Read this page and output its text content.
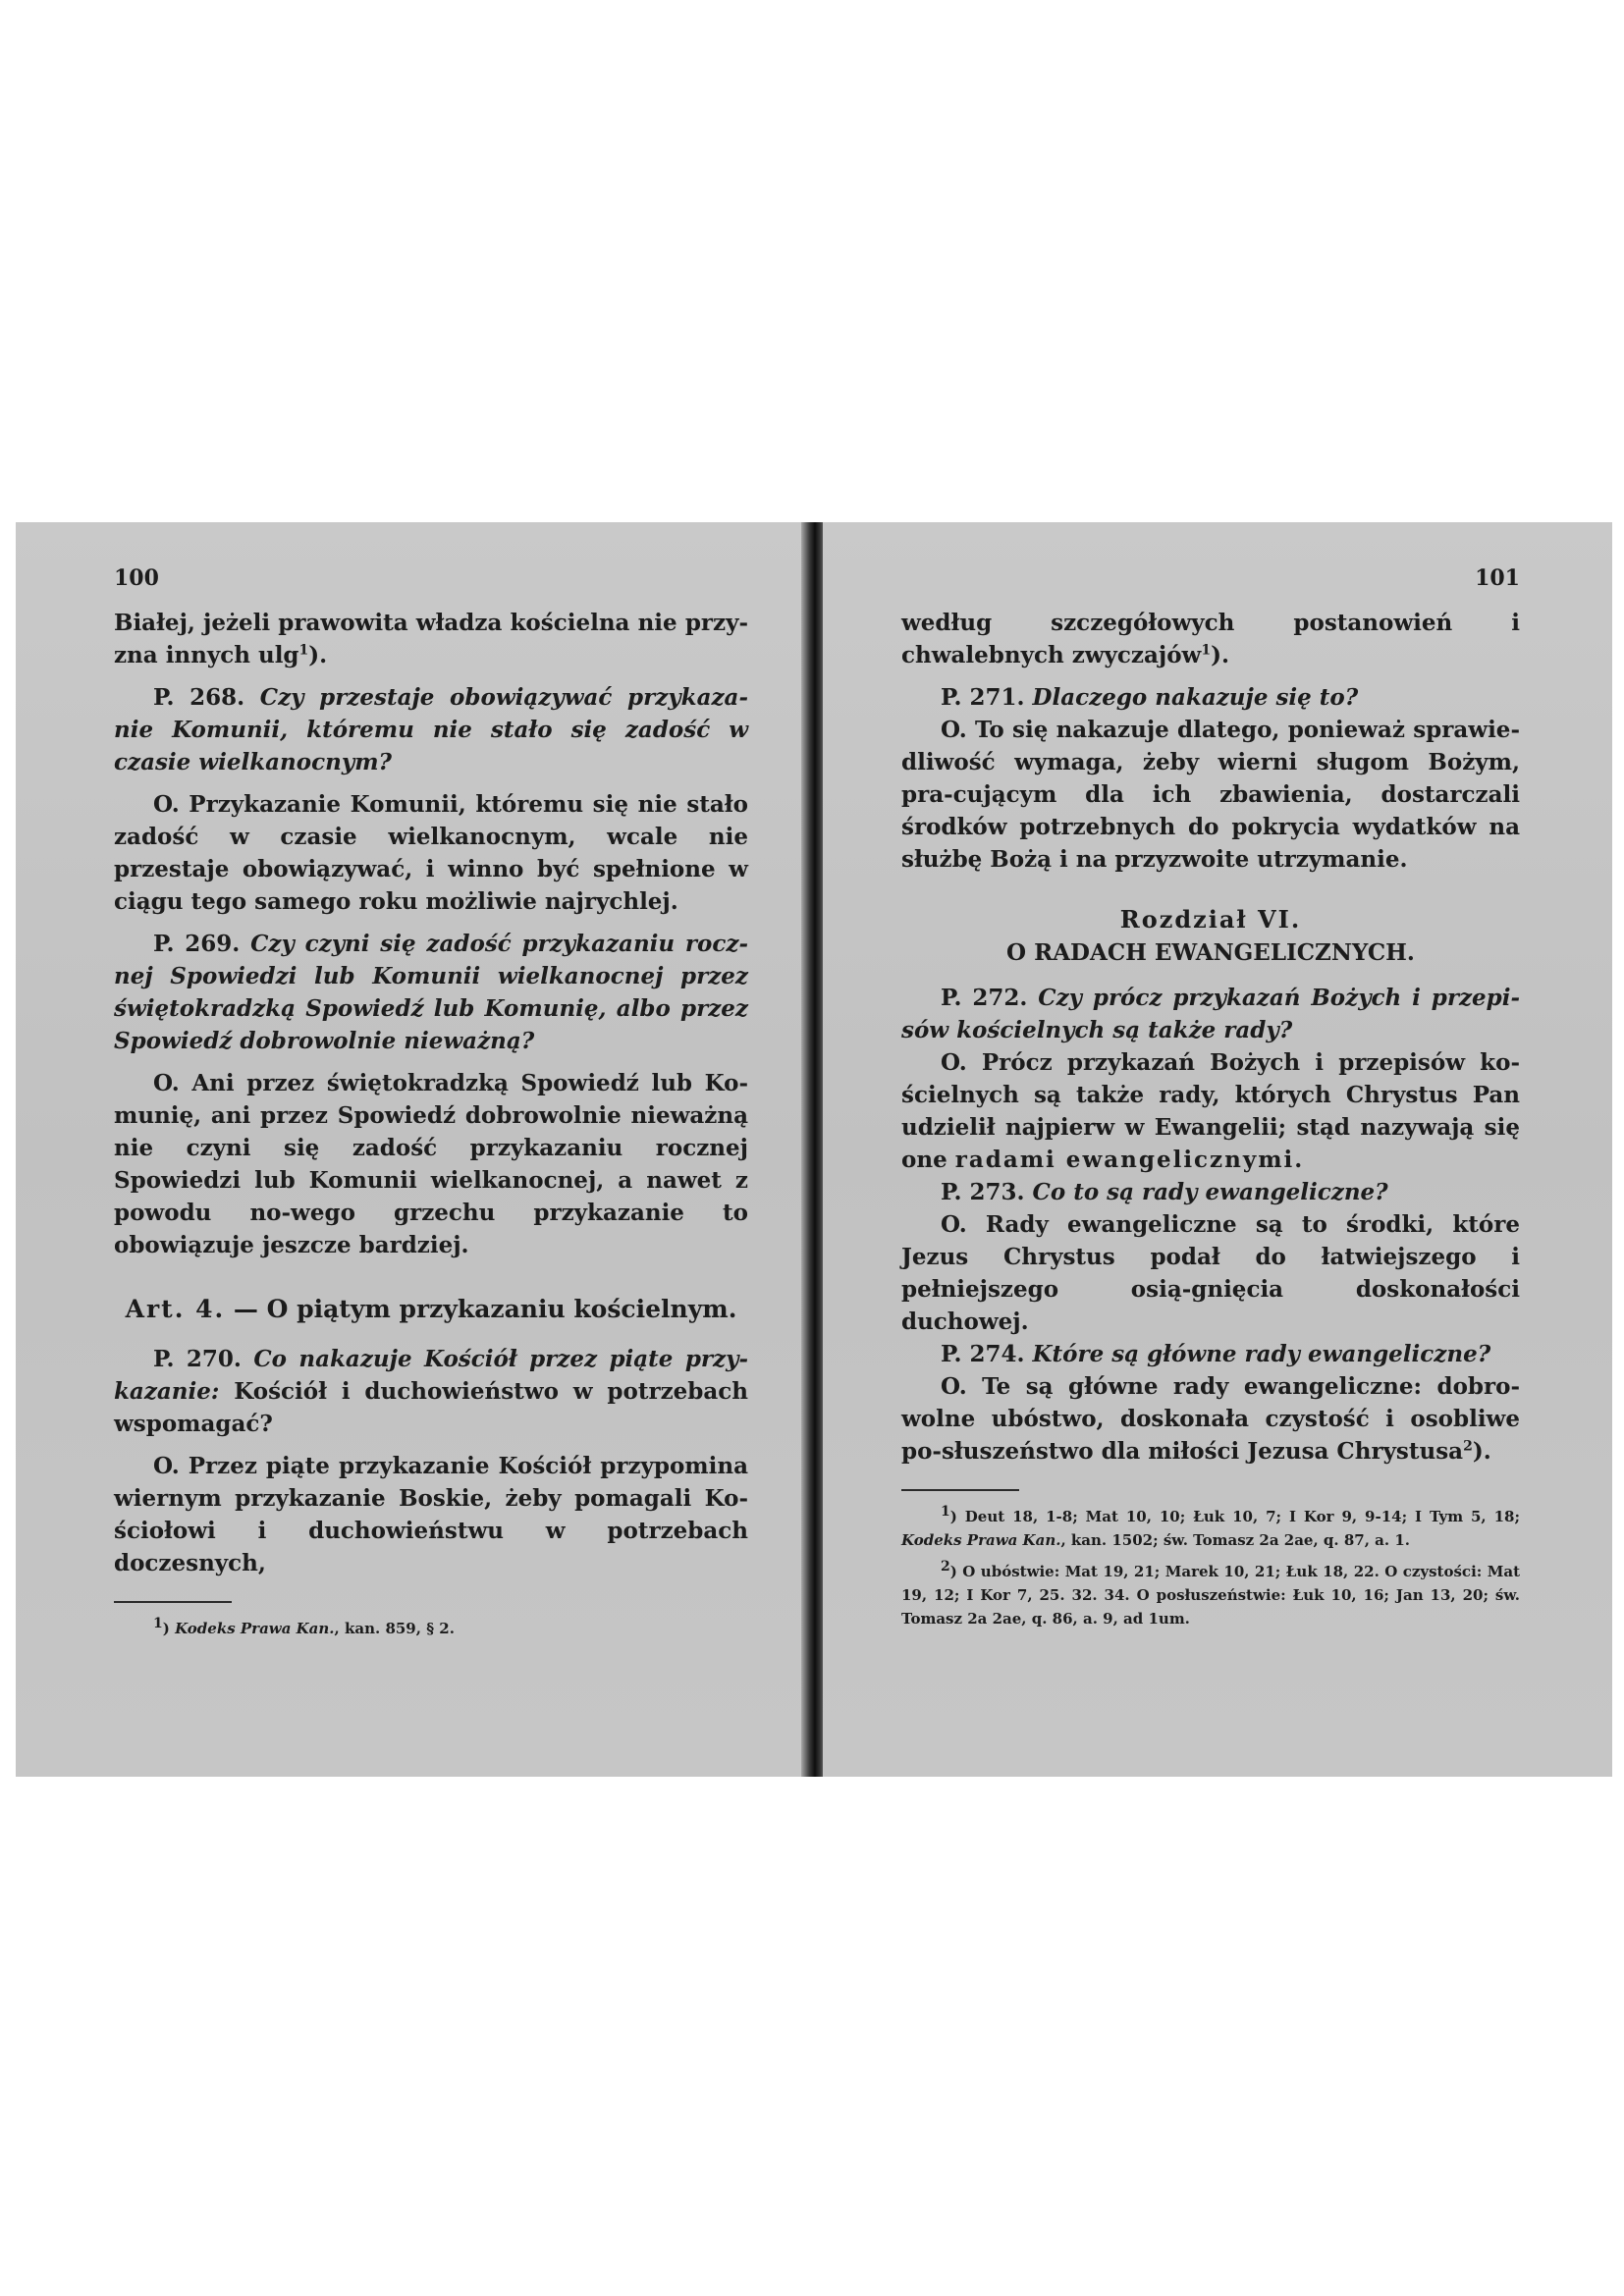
100

Białej, jeżeli prawowita władza kościelna nie przy-zna innych ulg$^1$).

P. 268. Czy przestaje obowiązywać przykaza-nie Komunii, któremu nie stało się zadość w czasie wielkanocnym?

O. Przykazanie Komunii, któremu się nie stało zadość w czasie wielkanocnym, wcale nie przestaje obowiązywać, i winno być spełnione w ciągu tego samego roku możliwie najrychlej.

P. 269. Czy czyni się zadość przykazaniu rocz-nej Spowiedzi lub Komunii wielkanocnej przez świętokradzką Spowiedź lub Komunię, albo przez Spowiedź dobrowolnie nieważną?

O. Ani przez świętokradzką Spowiedź lub Ko-munię, ani przez Spowiedź dobrowolnie nieważną nie czyni się zadość przykazaniu rocznej Spowiedzi lub Komunii wielkanocnej, a nawet z powodu no-wego grzechu przykazanie to obowiązuje jeszcze bardziej.

Art. 4. — O piątym przykazaniu kościelnym.

P. 270. Co nakazuje Kościół przez piąte przy-kazanie: Kościół i duchowieństwo w potrzebach wspomagać?

O. Przez piąte przykazanie Kościół przypomina wiernym przykazanie Boskie, żeby pomagali Ko-ściołowi i duchowieństwu w potrzebach doczesnych,

$^1$) Kodeks Prawa Kan., kan. 859, § 2.

101

według szczegółowych postanowień i chwalebnych zwyczajów$^1$).

P. 271. Dlaczego nakazuje się to?

O. To się nakazuje dlatego, ponieważ sprawie-dliwość wymaga, żeby wierni sługom Bożym, pra-cującym dla ich zbawienia, dostarczali środków potrzebnych do pokrycia wydatków na służbę Bożą i na przyzwoite utrzymanie.

Rozdział VI.
O RADACH EWANGELICZNYCH.

P. 272. Czy prócz przykazań Bożych i przepi-sów kościelnych są także rady?

O. Prócz przykazań Bożych i przepisów ko-ścielnych są także rady, których Chrystus Pan udzielił najpierw w Ewangelii; stąd nazywają się one radami ewangelicznymi.

P. 273. Co to są rady ewangeliczne?

O. Rady ewangeliczne są to środki, które Jezus Chrystus podał do łatwiejszego i pełniejszego osią-gnięcia doskonałości duchowej.

P. 274. Które są główne rady ewangeliczne?

O. Te są główne rady ewangeliczne: dobro-wolne ubóstwo, doskonała czystość i osobliwe po-słuszeństwo dla miłości Jezusa Chrystusa$^2$).

$^1$) Deut 18, 1-8; Mat 10, 10; Łuk 10, 7; I Kor 9, 9-14; I Tym 5, 18; Kodeks Prawa Kan., kan. 1502; św. Tomasz 2a 2ae, q. 87, a. 1.

$^2$) O ubóstwie: Mat 19, 21; Marek 10, 21; Łuk 18, 22. O czystości: Mat 19, 12; I Kor 7, 25. 32. 34. O posłuszeństwie: Łuk 10, 16; Jan 13, 20; św. Tomasz 2a 2ae, q. 86, a. 9, ad 1um.
